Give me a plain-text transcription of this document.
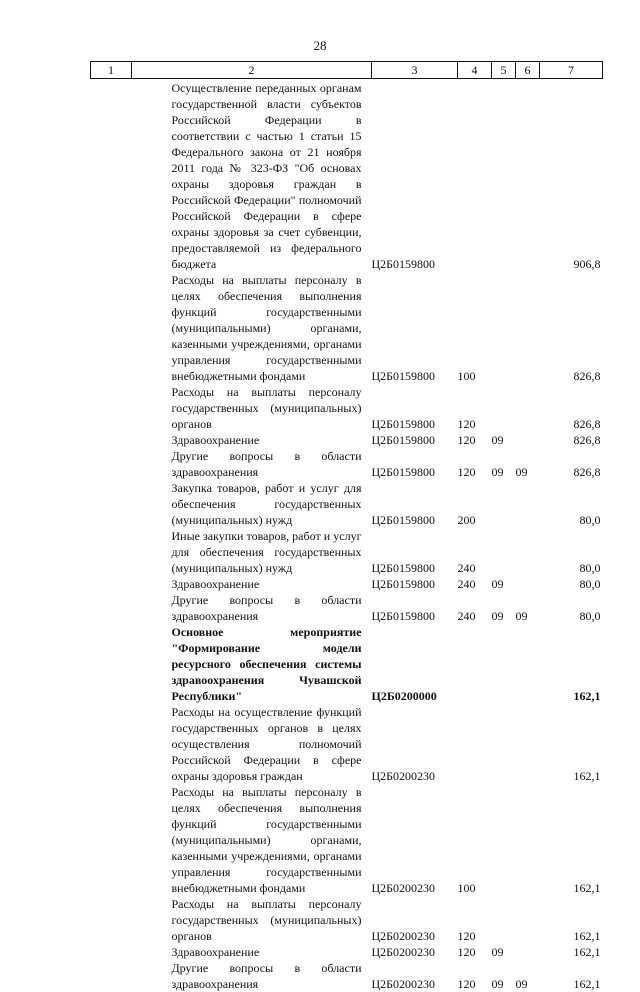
28
1	2	3	4	5	6	7
	Осуществление переданных органам государственной власти субъектов Российской Федерации в соответствии с частью 1 статьи 15 Федерального закона от 21 ноября 2011 года № 323-ФЗ "Об основах охраны здоровья граждан в Российской Федерации" полномочий Российской Федерации в сфере охраны здоровья за счет субвенции, предоставляемой из федерального бюджета	Ц2Б0159800				906,8
	Расходы на выплаты персоналу в целях обеспечения выполнения функций государственными (муниципальными) органами, казенными учреждениями, органами управления государственными внебюджетными фондами	Ц2Б0159800	100			826,8
	Расходы на выплаты персоналу государственных (муниципальных) органов	Ц2Б0159800	120			826,8
	Здравоохранение	Ц2Б0159800	120	09		826,8
	Другие вопросы в области здравоохранения	Ц2Б0159800	120	09	09	826,8
	Закупка товаров, работ и услуг для обеспечения государственных (муниципальных) нужд	Ц2Б0159800	200			80,0
	Иные закупки товаров, работ и услуг для обеспечения государственных (муниципальных) нужд	Ц2Б0159800	240			80,0
	Здравоохранение	Ц2Б0159800	240	09		80,0
	Другие вопросы в области здравоохранения	Ц2Б0159800	240	09	09	80,0
	Основное мероприятие "Формирование модели ресурсного обеспечения системы здравоохранения Чувашской Республики"	Ц2Б0200000				162,1
	Расходы на осуществление функций государственных органов в целях осуществления полномочий Российской Федерации в сфере охраны здоровья граждан	Ц2Б0200230				162,1
	Расходы на выплаты персоналу в целях обеспечения выполнения функций государственными (муниципальными) органами, казенными учреждениями, органами управления государственными внебюджетными фондами	Ц2Б0200230	100			162,1
	Расходы на выплаты персоналу государственных (муниципальных) органов	Ц2Б0200230	120			162,1
	Здравоохранение	Ц2Б0200230	120	09		162,1
	Другие вопросы в области здравоохранения	Ц2Б0200230	120	09	09	162,1
